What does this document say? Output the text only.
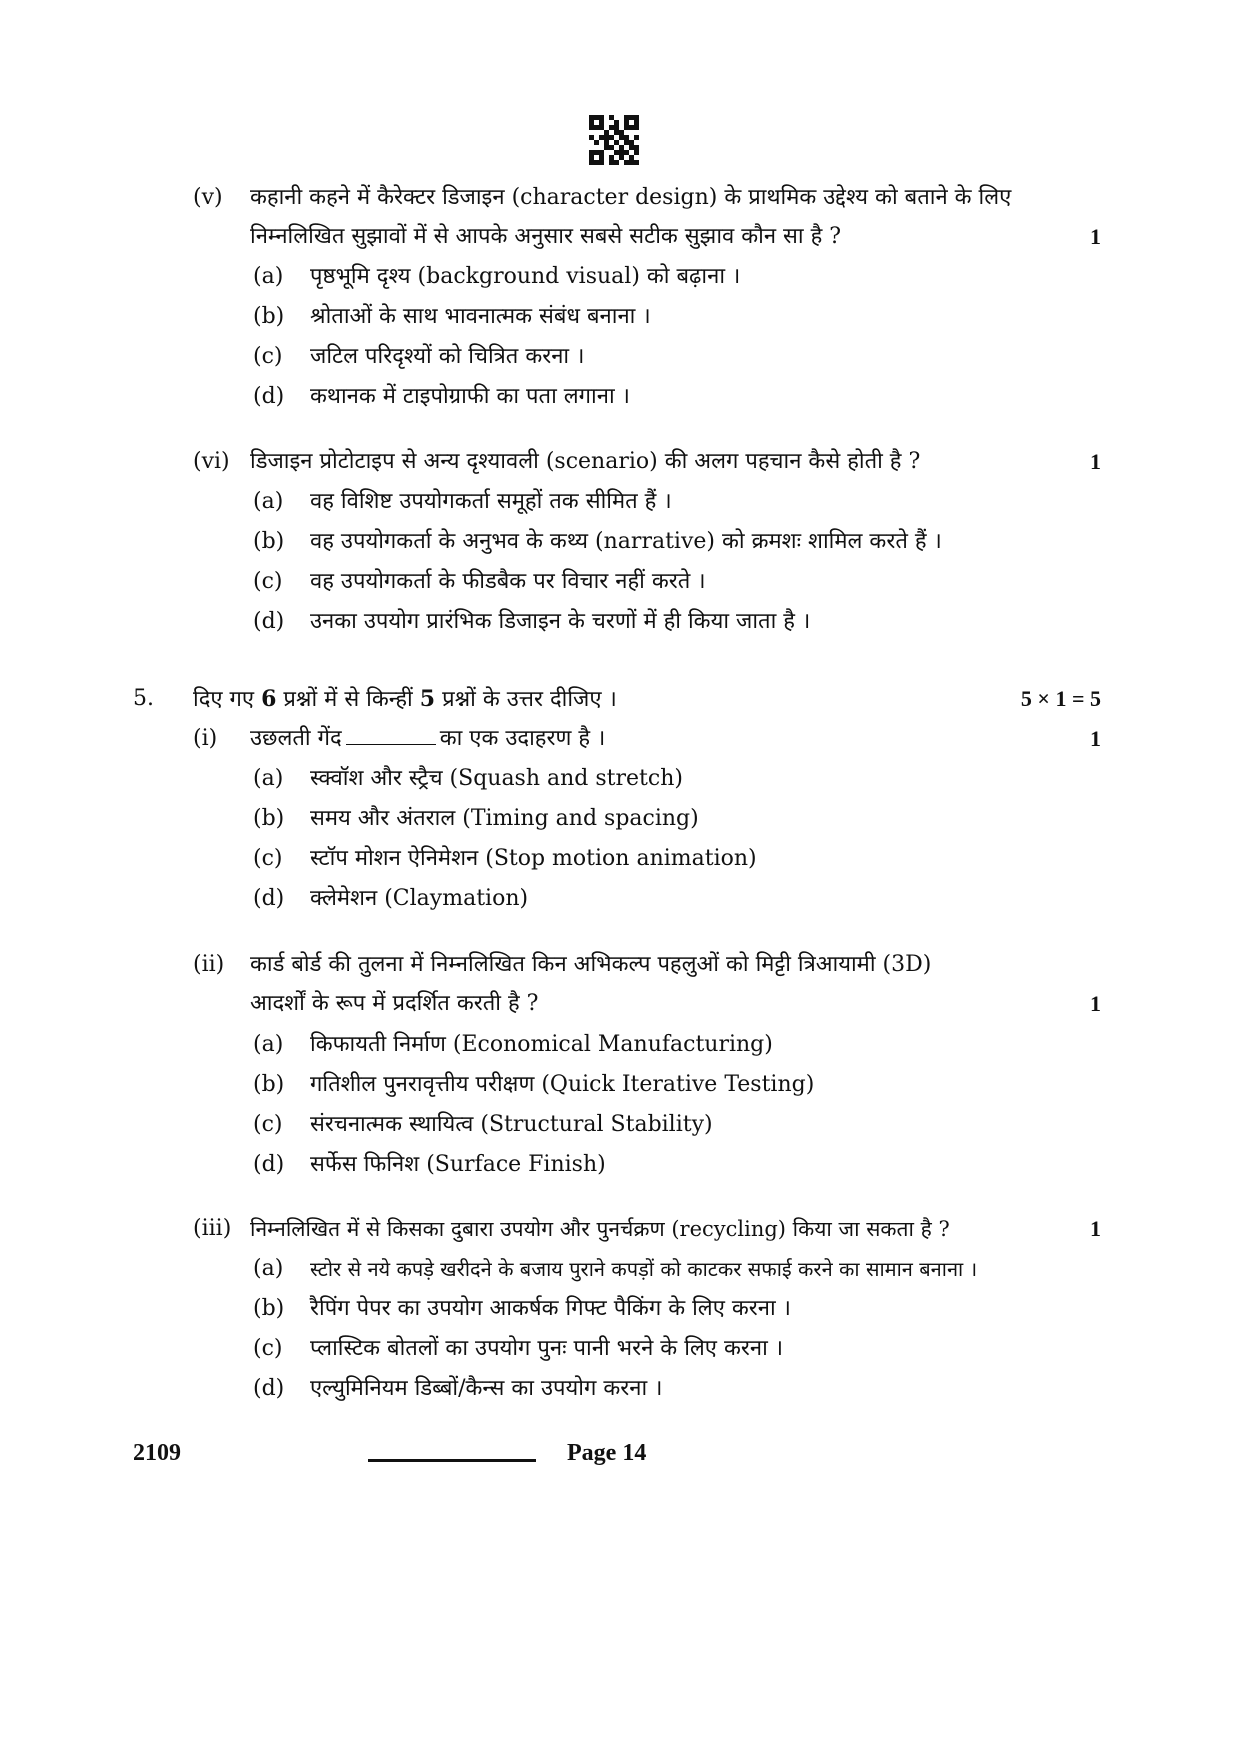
(v) कहानी कहने में कैरेक्टर डिजाइन (character design) के प्राथमिक उद्देश्य को बताने के लिए
निम्नलिखित सुझावों में से आपके अनुसार सबसे सटीक सुझाव कौन सा है ?	1
(a) पृष्ठभूमि दृश्य (background visual) को बढ़ाना ।
(b) श्रोताओं के साथ भावनात्मक संबंध बनाना ।
(c) जटिल परिदृश्यों को चित्रित करना ।
(d) कथानक में टाइपोग्राफी का पता लगाना ।
(vi) डिजाइन प्रोटोटाइप से अन्य दृश्यावली (scenario) की अलग पहचान कैसे होती है ?	1
(a) वह विशिष्ट उपयोगकर्ता समूहों तक सीमित हैं ।
(b) वह उपयोगकर्ता के अनुभव के कथ्य (narrative) को क्रमशः शामिल करते हैं ।
(c) वह उपयोगकर्ता के फीडबैक पर विचार नहीं करते ।
(d) उनका उपयोग प्रारंभिक डिजाइन के चरणों में ही किया जाता है ।
5. दिए गए 6 प्रश्नों में से किन्हीं 5 प्रश्नों के उत्तर दीजिए ।	5 × 1 = 5
(i) उछलती गेंद	का एक उदाहरण है ।	1
(a) स्क्वॉश और स्ट्रैच (Squash and stretch)
(b) समय और अंतराल (Timing and spacing)
(c) स्टॉप मोशन ऐनिमेशन (Stop motion animation)
(d) क्लेमेशन (Claymation)
(ii) कार्ड बोर्ड की तुलना में निम्नलिखित किन अभिकल्प पहलुओं को मिट्टी त्रिआयामी (3D)
आदर्शों के रूप में प्रदर्शित करती है ?	1
(a) किफायती निर्माण (Economical Manufacturing)
(b) गतिशील पुनरावृत्तीय परीक्षण (Quick Iterative Testing)
(c) संरचनात्मक स्थायित्व (Structural Stability)
(d) सर्फेस फिनिश (Surface Finish)
(iii) निम्नलिखित में से किसका दुबारा उपयोग और पुनर्चक्रण (recycling) किया जा सकता है ?	1
(a) स्टोर से नये कपड़े खरीदने के बजाय पुराने कपड़ों को काटकर सफाई करने का सामान बनाना ।
(b) रैपिंग पेपर का उपयोग आकर्षक गिफ्ट पैकिंग के लिए करना ।
(c) प्लास्टिक बोतलों का उपयोग पुनः पानी भरने के लिए करना ।
(d) एल्युमिनियम डिब्बों/कैन्स का उपयोग करना ।
2109	Page 14
